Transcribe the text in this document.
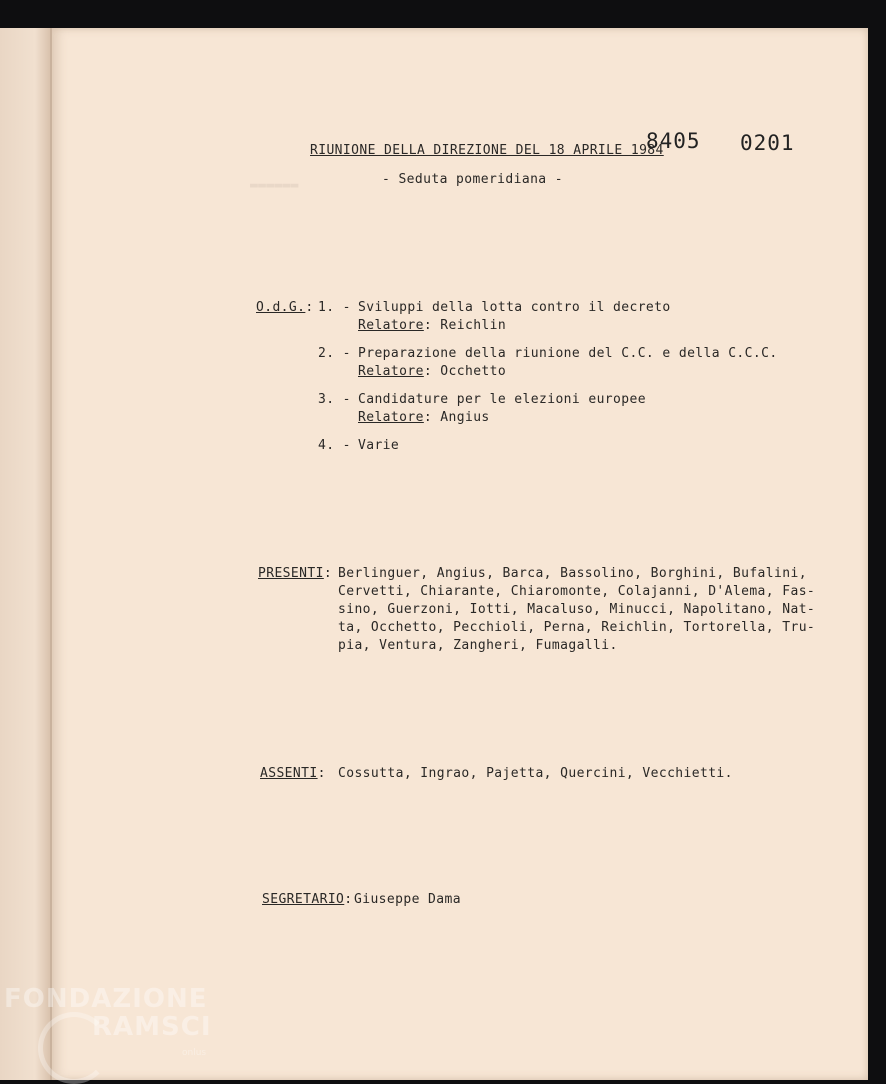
▬▬▬▬▬▬
RIUNIONE DELLA DIREZIONE DEL 18 APRILE 1984
8405 0201
- Seduta pomeridiana -
O.d.G.: 1. - Sviluppi della lotta contro il decreto
Relatore: Reichlin
2. - Preparazione della riunione del C.C. e della C.C.C.
Relatore: Occhetto
3. - Candidature per le elezioni europee
Relatore: Angius
4. - Varie
PRESENTI: Berlinguer, Angius, Barca, Bassolino, Borghini, Bufalini,
Cervetti, Chiarante, Chiaromonte, Colajanni, D'Alema, Fas-
sino, Guerzoni, Iotti, Macaluso, Minucci, Napolitano, Nat-
ta, Occhetto, Pecchioli, Perna, Reichlin, Tortorella, Tru-
pia, Ventura, Zangheri, Fumagalli.
ASSENTI: Cossutta, Ingrao, Pajetta, Quercini, Vecchietti.
SEGRETARIO: Giuseppe Dama
FONDAZIONE
RAMSCI
onlus
